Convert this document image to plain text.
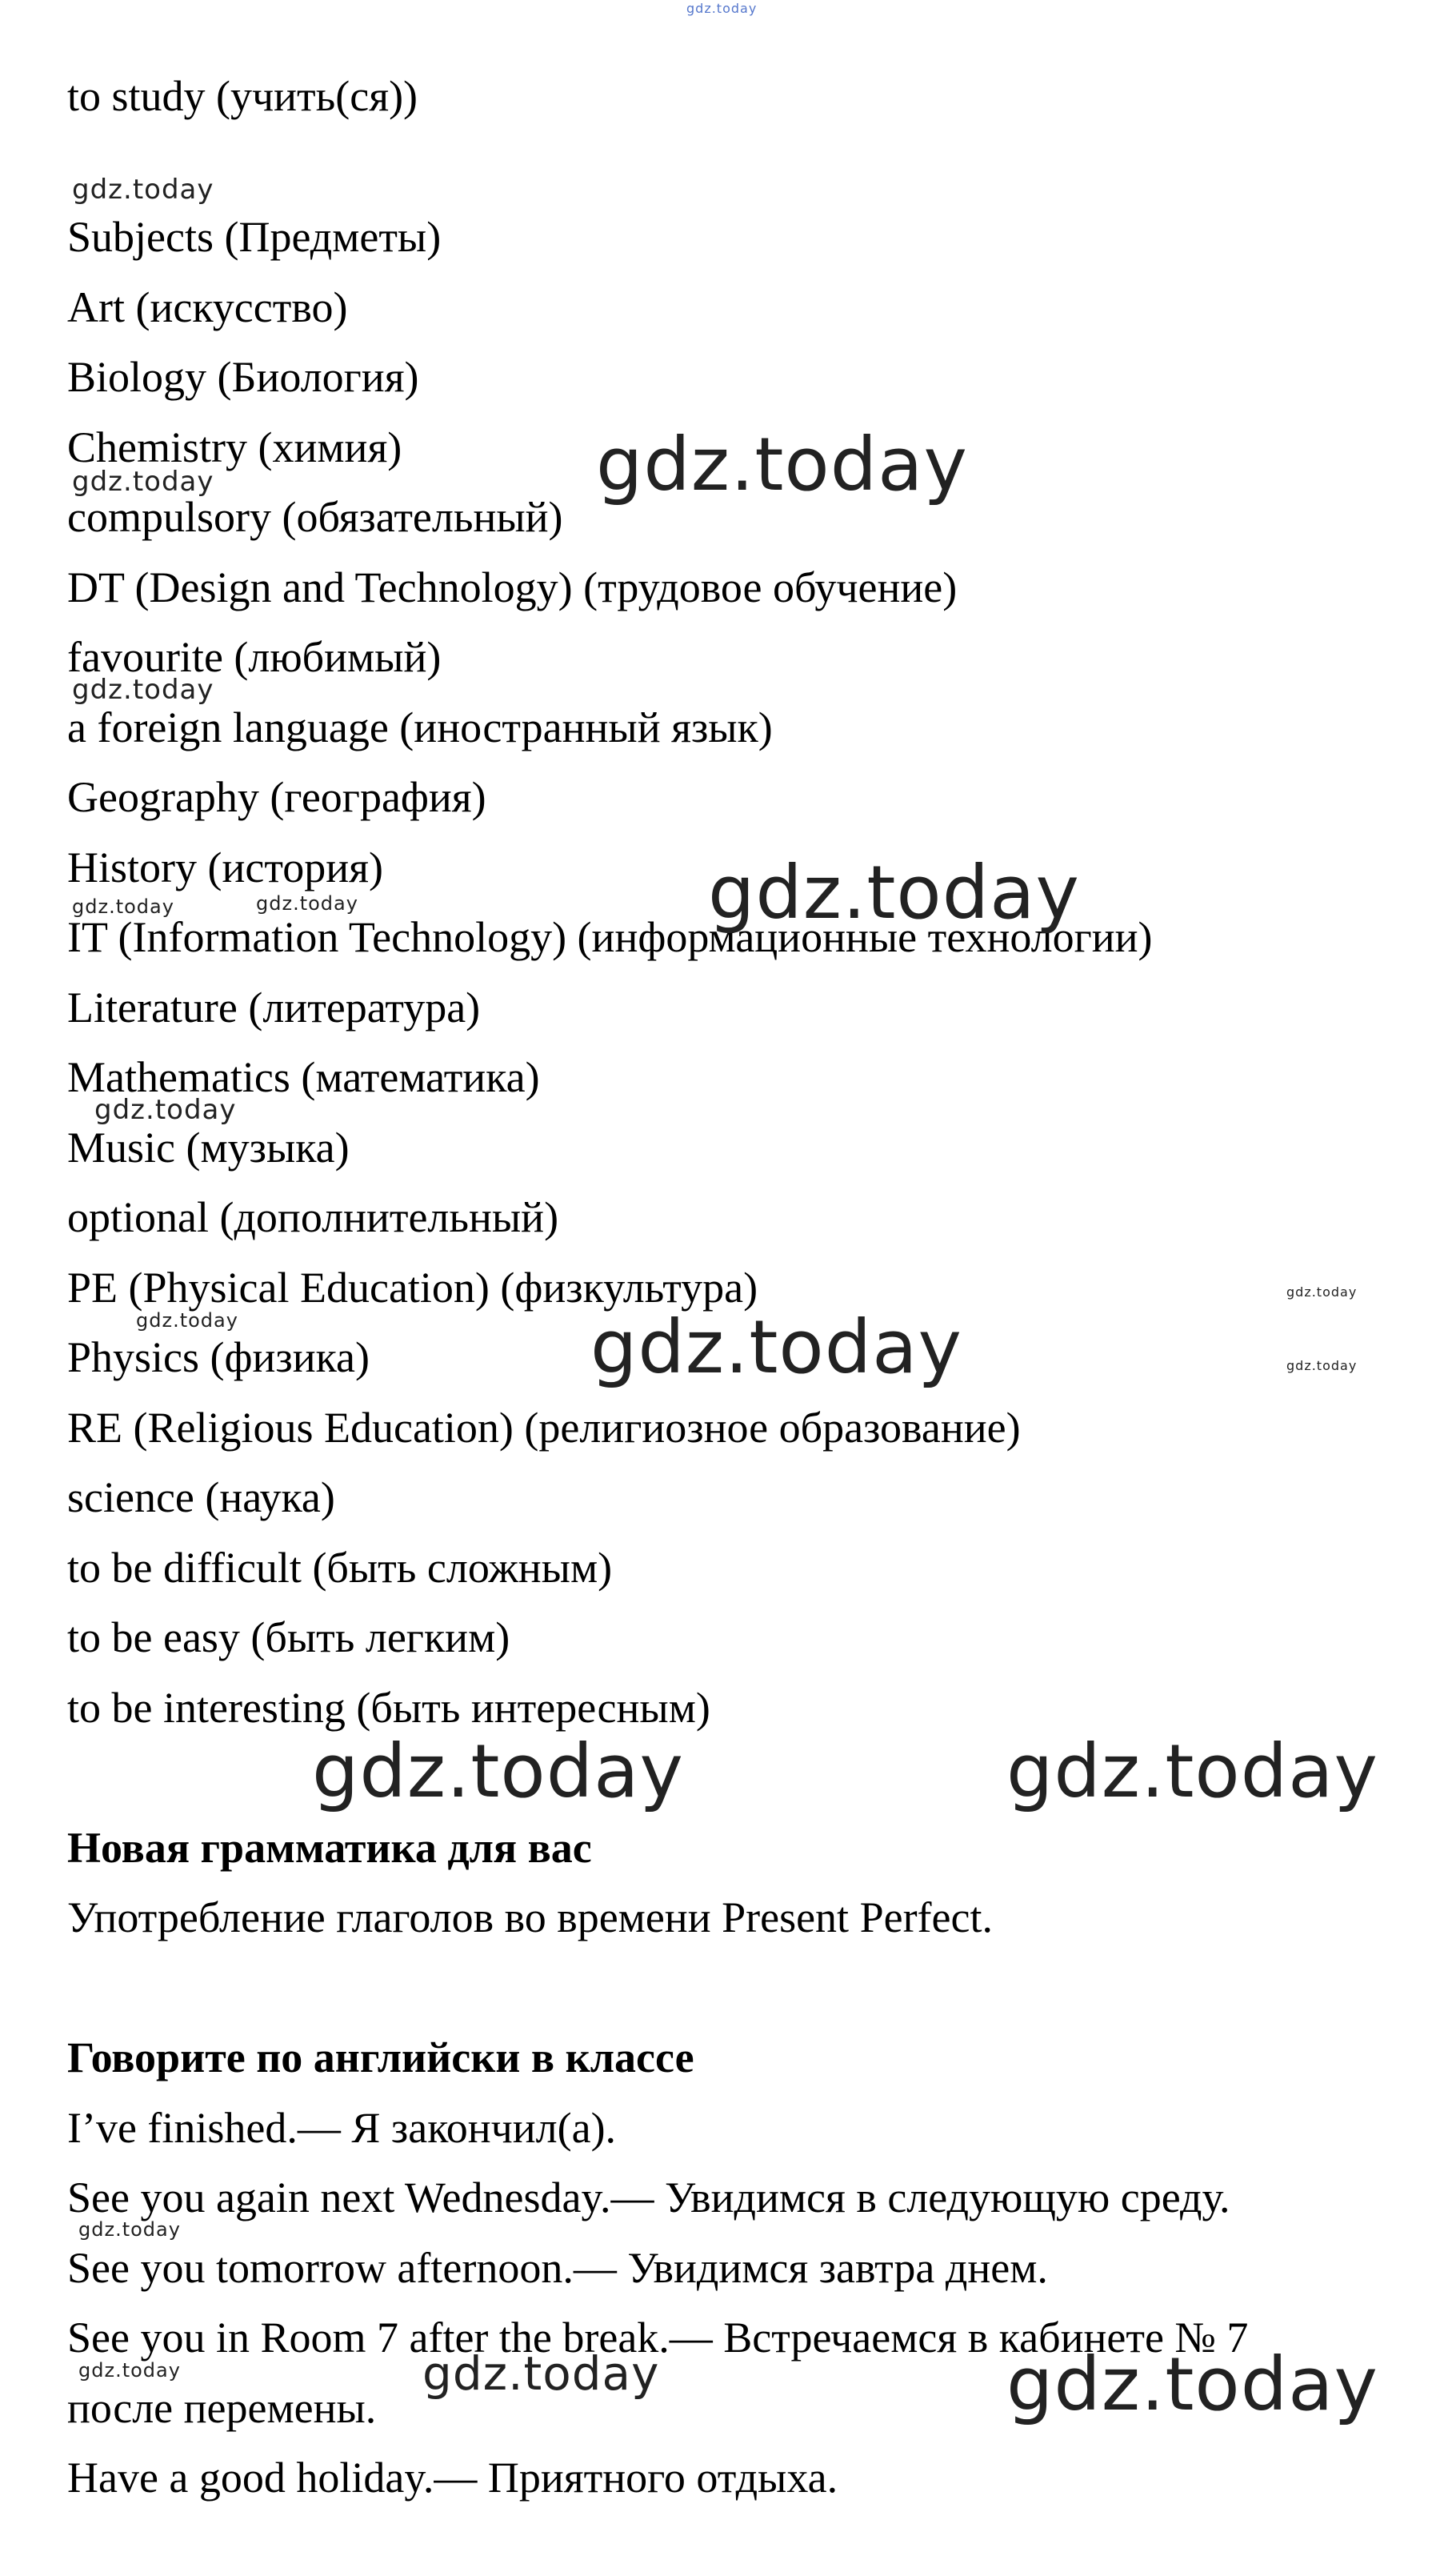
gdz.today
to study (учить(ся))
Subjects (Предметы)
Art (искусство)
Biology (Биология)
Chemistry (химия)
compulsory (обязательный)
DT (Design and Technology) (трудовое обучение)
favourite (любимый)
a foreign language (иностранный язык)
Geography (география)
History (история)
IT (Information Technology) (информационные технологии)
Literature (литература)
Mathematics (математика)
Music (музыка)
optional (дополнительный)
PE (Physical Education) (физкультура)
Physics (физика)
RE (Religious Education) (религиозное образование)
science (наука)
to be difficult (быть сложным)
to be easy (быть легким)
to be interesting (быть интересным)
Новая грамматика для вас
Употребление глаголов во времени Present Perfect.
Говорите по английски в классе
I’ve finished.— Я закончил(а).
See you again next Wednesday.— Увидимся в следующую среду.
See you tomorrow afternoon.— Увидимся завтра днем.
See you in Room 7 after the break.— Встречаемся в кабинете № 7
после перемены.
Have a good holiday.— Приятного отдыха.
gdz.today
gdz.today
gdz.today
gdz.today
gdz.today
gdz.today	gdz.today
gdz.today
gdz.today
gdz.today
gdz.today
gdz.today
gdz.today	gdz.today
gdz.today
gdz.today
gdz.today	gdz.today
